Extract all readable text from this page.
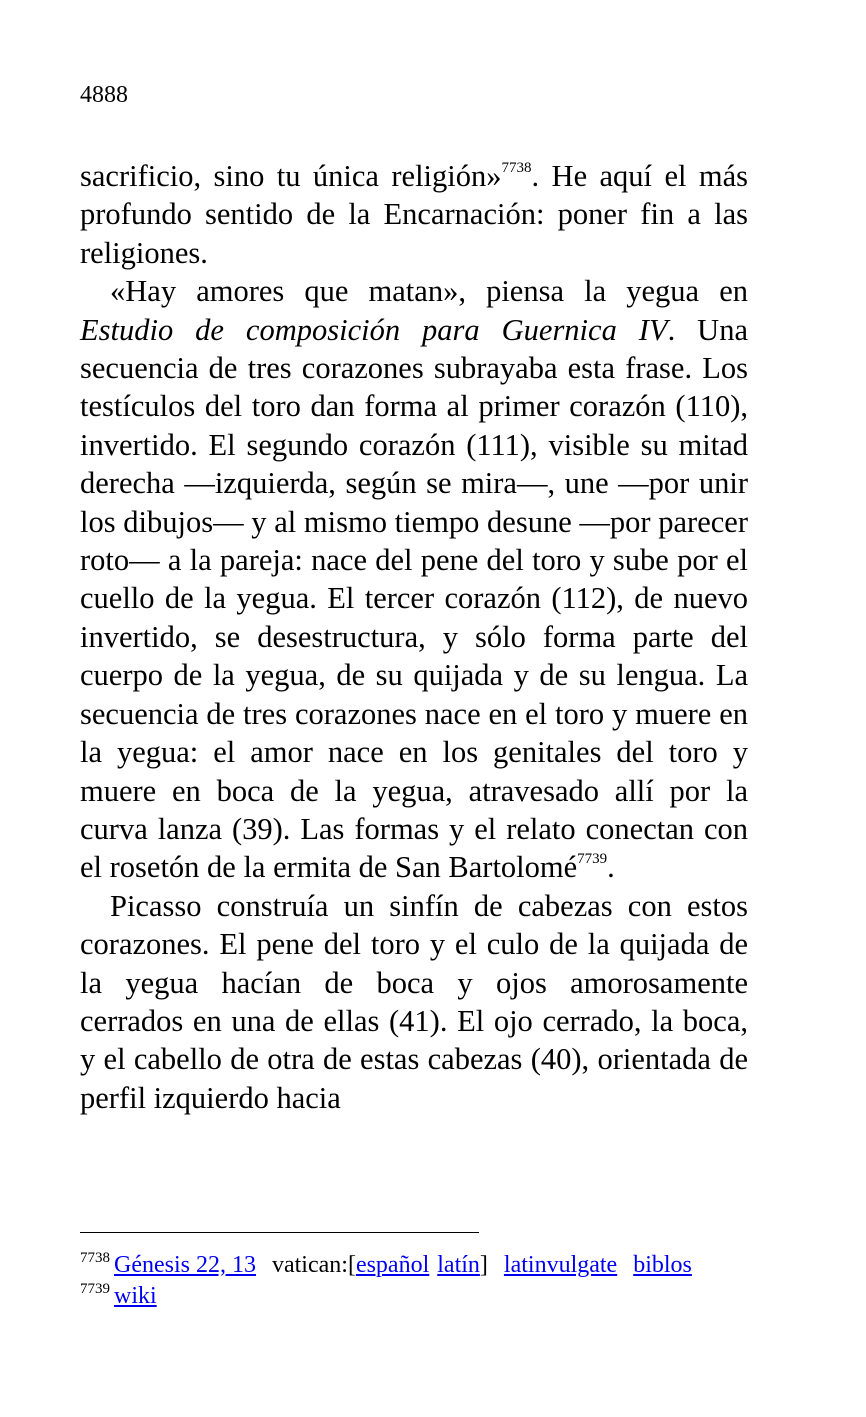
4888

sacrificio, sino tu única religión»$^{7738}$. He aquí el más profundo sentido de la Encarnación: poner fin a las religiones.

«Hay amores que matan», piensa la yegua en Estudio de composición para Guernica IV. Una secuencia de tres corazones subrayaba esta frase. Los testículos del toro dan forma al primer corazón (110), invertido. El segundo corazón (111), visible su mitad derecha —izquierda, según se mira—, une —por unir los dibujos— y al mismo tiempo desune —por parecer roto— a la pareja: nace del pene del toro y sube por el cuello de la yegua. El tercer corazón (112), de nuevo invertido, se desestructura, y sólo forma parte del cuerpo de la yegua, de su quijada y de su lengua. La secuencia de tres corazones nace en el toro y muere en la yegua: el amor nace en los genitales del toro y muere en boca de la yegua, atravesado allí por la curva lanza (39). Las formas y el relato conectan con el rosetón de la ermita de San Bartolomé$^{7739}$.

Picasso construía un sinfín de cabezas con estos corazones. El pene del toro y el culo de la quijada de la yegua hacían de boca y ojos amorosamente cerrados en una de ellas (41). El ojo cerrado, la boca, y el cabello de otra de estas cabezas (40), orientada de perfil izquierdo hacia

$^{7738}$ Génesis 22, 13 vatican:[español latín] latinvulgate biblos
$^{7739}$ wiki
